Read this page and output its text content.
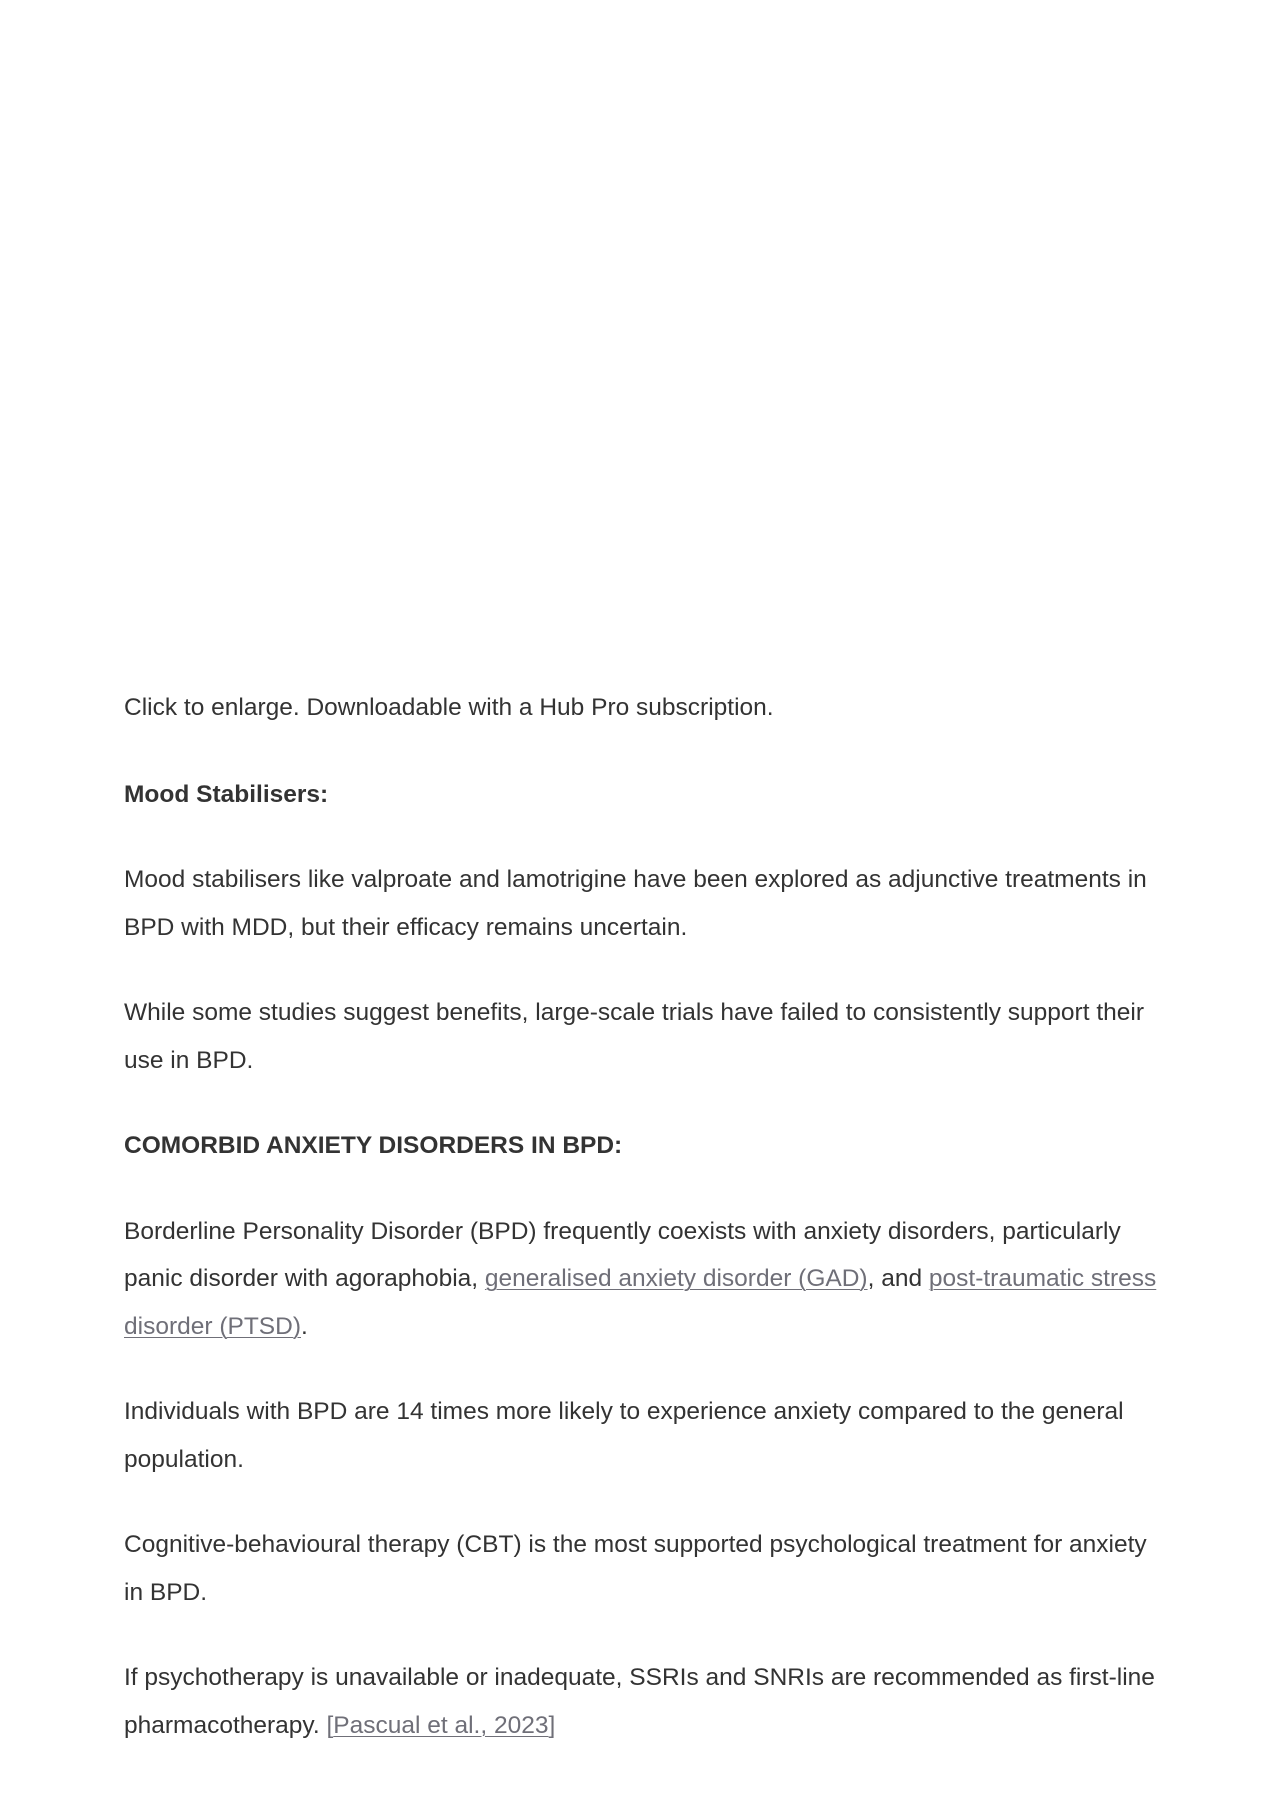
Click to enlarge. Downloadable with a Hub Pro subscription.

Mood Stabilisers:

Mood stabilisers like valproate and lamotrigine have been explored as adjunctive treatments in BPD with MDD, but their efficacy remains uncertain.

While some studies suggest benefits, large-scale trials have failed to consistently support their use in BPD.

COMORBID ANXIETY DISORDERS IN BPD:

Borderline Personality Disorder (BPD) frequently coexists with anxiety disorders, particularly panic disorder with agoraphobia, generalised anxiety disorder (GAD), and post-traumatic stress disorder (PTSD).

Individuals with BPD are 14 times more likely to experience anxiety compared to the general population.

Cognitive-behavioural therapy (CBT) is the most supported psychological treatment for anxiety in BPD.

If psychotherapy is unavailable or inadequate, SSRIs and SNRIs are recommended as first-line pharmacotherapy. [Pascual et al., 2023]
